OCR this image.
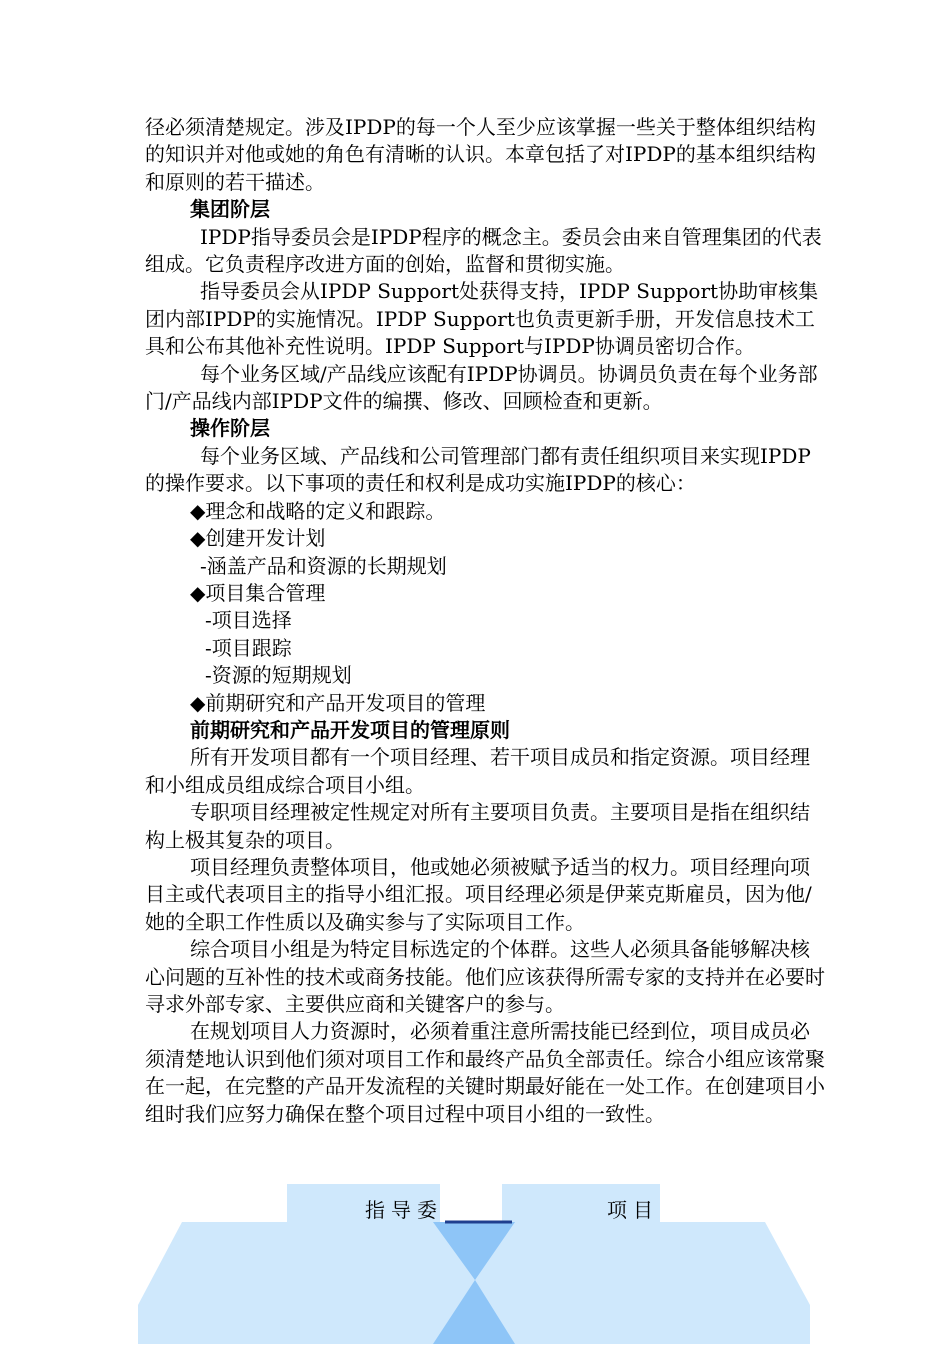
径必须清楚规定。涉及IPDP的每一个人至少应该掌握一些关于整体组织结构的知识并对他或她的角色有清晰的认识。本章包括了对IPDP的基本组织结构和原则的若干描述。

集团阶层

IPDP指导委员会是IPDP程序的概念主。委员会由来自管理集团的代表组成。它负责程序改进方面的创始，监督和贯彻实施。

指导委员会从IPDP Support处获得支持，IPDP Support协助审核集团内部IPDP的实施情况。IPDP Support也负责更新手册，开发信息技术工具和公布其他补充性说明。IPDP Support与IPDP协调员密切合作。

每个业务区域/产品线应该配有IPDP协调员。协调员负责在每个业务部门/产品线内部IPDP文件的编撰、修改、回顾检查和更新。

操作阶层

每个业务区域、产品线和公司管理部门都有责任组织项目来实现IPDP的操作要求。以下事项的责任和权利是成功实施IPDP的核心：

◆理念和战略的定义和跟踪。

◆创建开发计划

-涵盖产品和资源的长期规划

◆项目集合管理

-项目选择

-项目跟踪

-资源的短期规划

◆前期研究和产品开发项目的管理

前期研究和产品开发项目的管理原则

所有开发项目都有一个项目经理、若干项目成员和指定资源。项目经理和小组成员组成综合项目小组。

专职项目经理被定性规定对所有主要项目负责。主要项目是指在组织结构上极其复杂的项目。

项目经理负责整体项目，他或她必须被赋予适当的权力。项目经理向项目主或代表项目主的指导小组汇报。项目经理必须是伊莱克斯雇员，因为他/她的全职工作性质以及确实参与了实际项目工作。

综合项目小组是为特定目标选定的个体群。这些人必须具备能够解决核心问题的互补性的技术或商务技能。他们应该获得所需专家的支持并在必要时寻求外部专家、主要供应商和关键客户的参与。

在规划项目人力资源时，必须着重注意所需技能已经到位，项目成员必须清楚地认识到他们须对项目工作和最终产品负全部责任。综合小组应该常聚在一起，在完整的产品开发流程的关键时期最好能在一处工作。在创建项目小组时我们应努力确保在整个项目过程中项目小组的一致性。

指导委	项目
